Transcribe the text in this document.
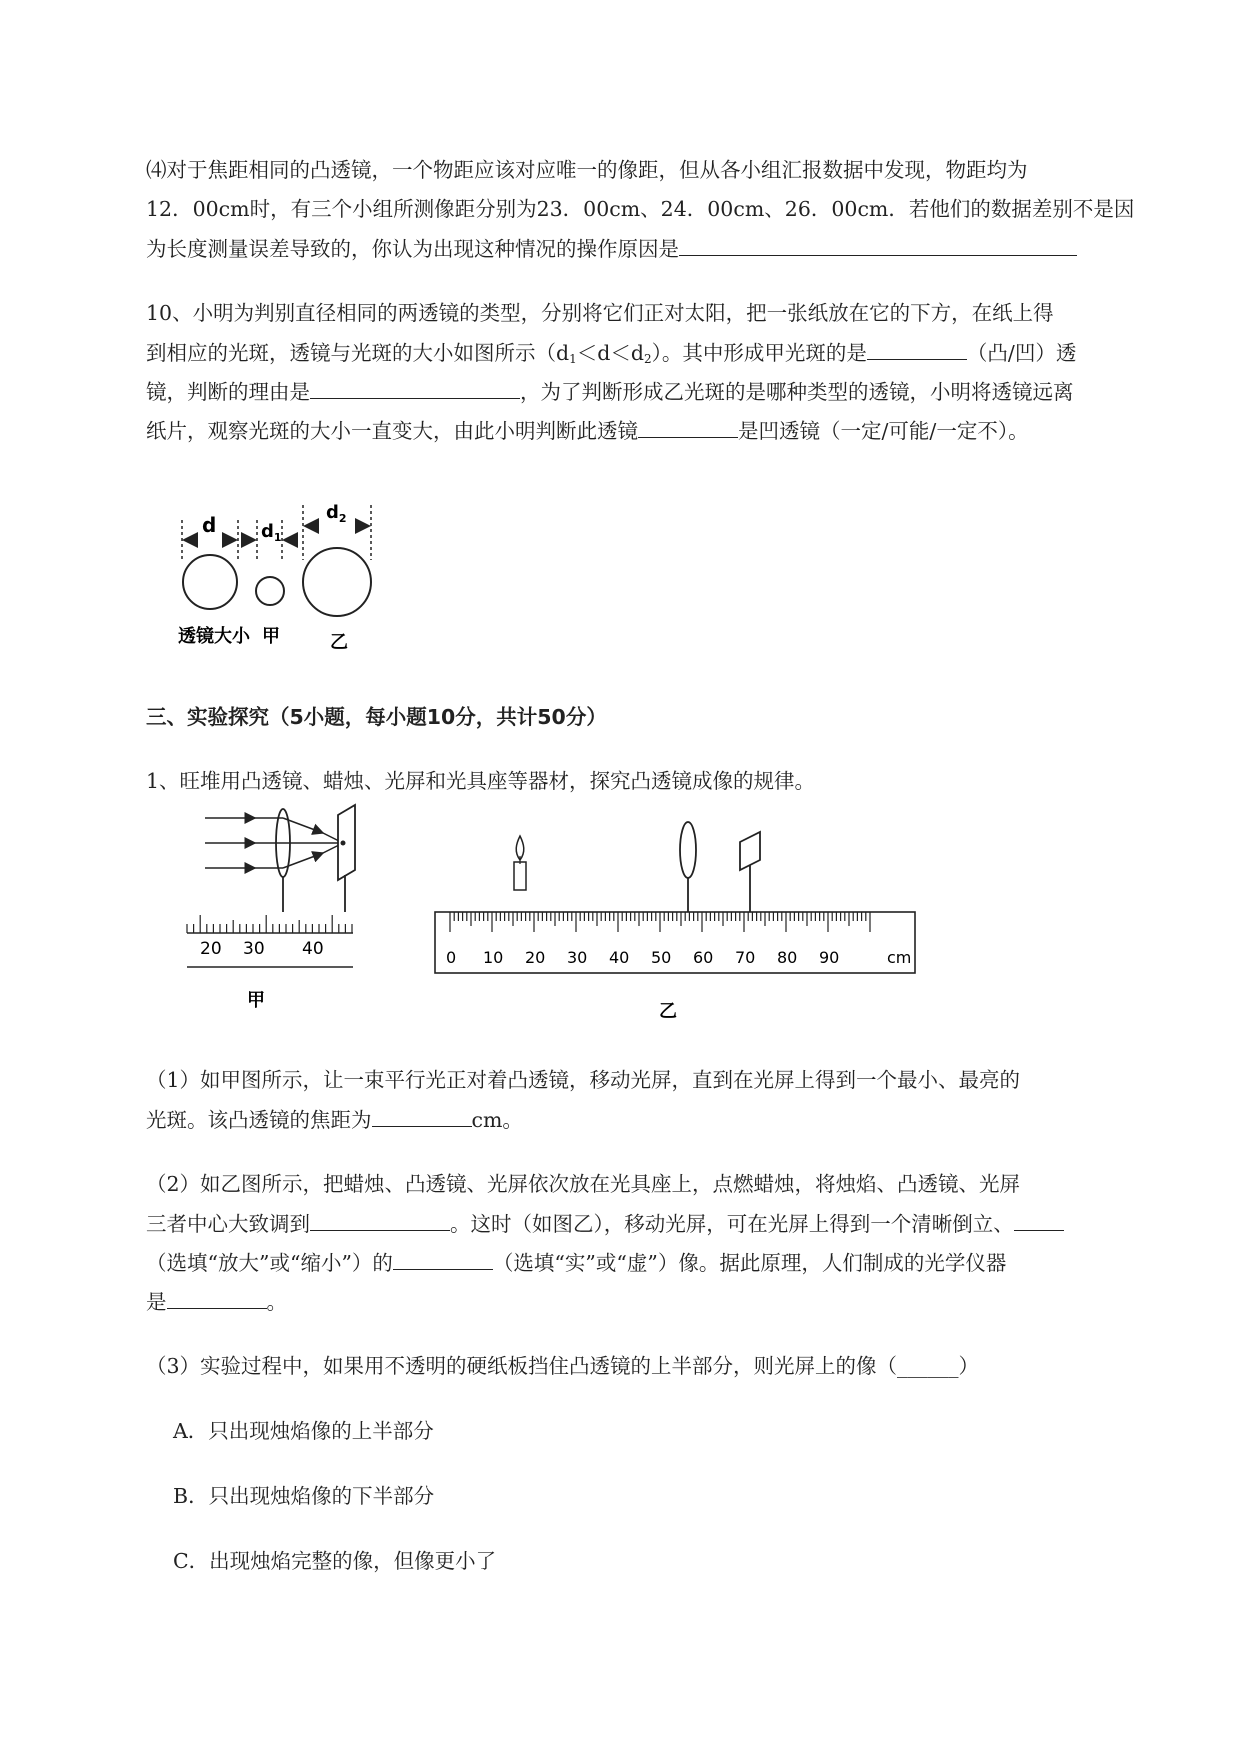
⑷对于焦距相同的凸透镜，一个物距应该对应唯一的像距，但从各小组汇报数据中发现，物距均为
12．00cm时，有三个小组所测像距分别为23．00cm、24．00cm、26．00cm．若他们的数据差别不是因
为长度测量误差导致的，你认为出现这种情况的操作原因是
10、小明为判别直径相同的两透镜的类型，分别将它们正对太阳，把一张纸放在它的下方，在纸上得
到相应的光斑，透镜与光斑的大小如图所示$(d_1<d<d_2)$。其中形成甲光斑的是	（凸/凹）透
镜，判断的理由是	，为了判断形成乙光斑的是哪种类型的透镜，小明将透镜远离
纸片，观察光斑的大小一直变大，由此小明判断此透镜	是凹透镜（一定/可能/一定不）。
d $d_1$
$d_2$
透镜大小 甲	乙
三、实验探究（5小题，每小题10分，共计50分）
1、旺堆用凸透镜、蜡烛、光屏和光具座等器材，探究凸透镜成像的规律。
20 30 40
甲
0 10 20 30 40 50 60 70 80 90	cm
乙
（1）如甲图所示，让一束平行光正对着凸透镜，移动光屏，直到在光屏上得到一个最小、最亮的
光斑。该凸透镜的焦距为	cm。
（2）如乙图所示，把蜡烛、凸透镜、光屏依次放在光具座上，点燃蜡烛，将烛焰、凸透镜、光屏
三者中心大致调到	。这时（如图乙），移动光屏，可在光屏上得到一个清晰倒立、
（选填“放大”或“缩小”）的	（选填“实”或“虚”）像。据此原理，人们制成的光学仪器
是	。
（3）实验过程中，如果用不透明的硬纸板挡住凸透镜的上半部分，则光屏上的像（______）
A．只出现烛焰像的上半部分
B．只出现烛焰像的下半部分
C．出现烛焰完整的像，但像更小了
